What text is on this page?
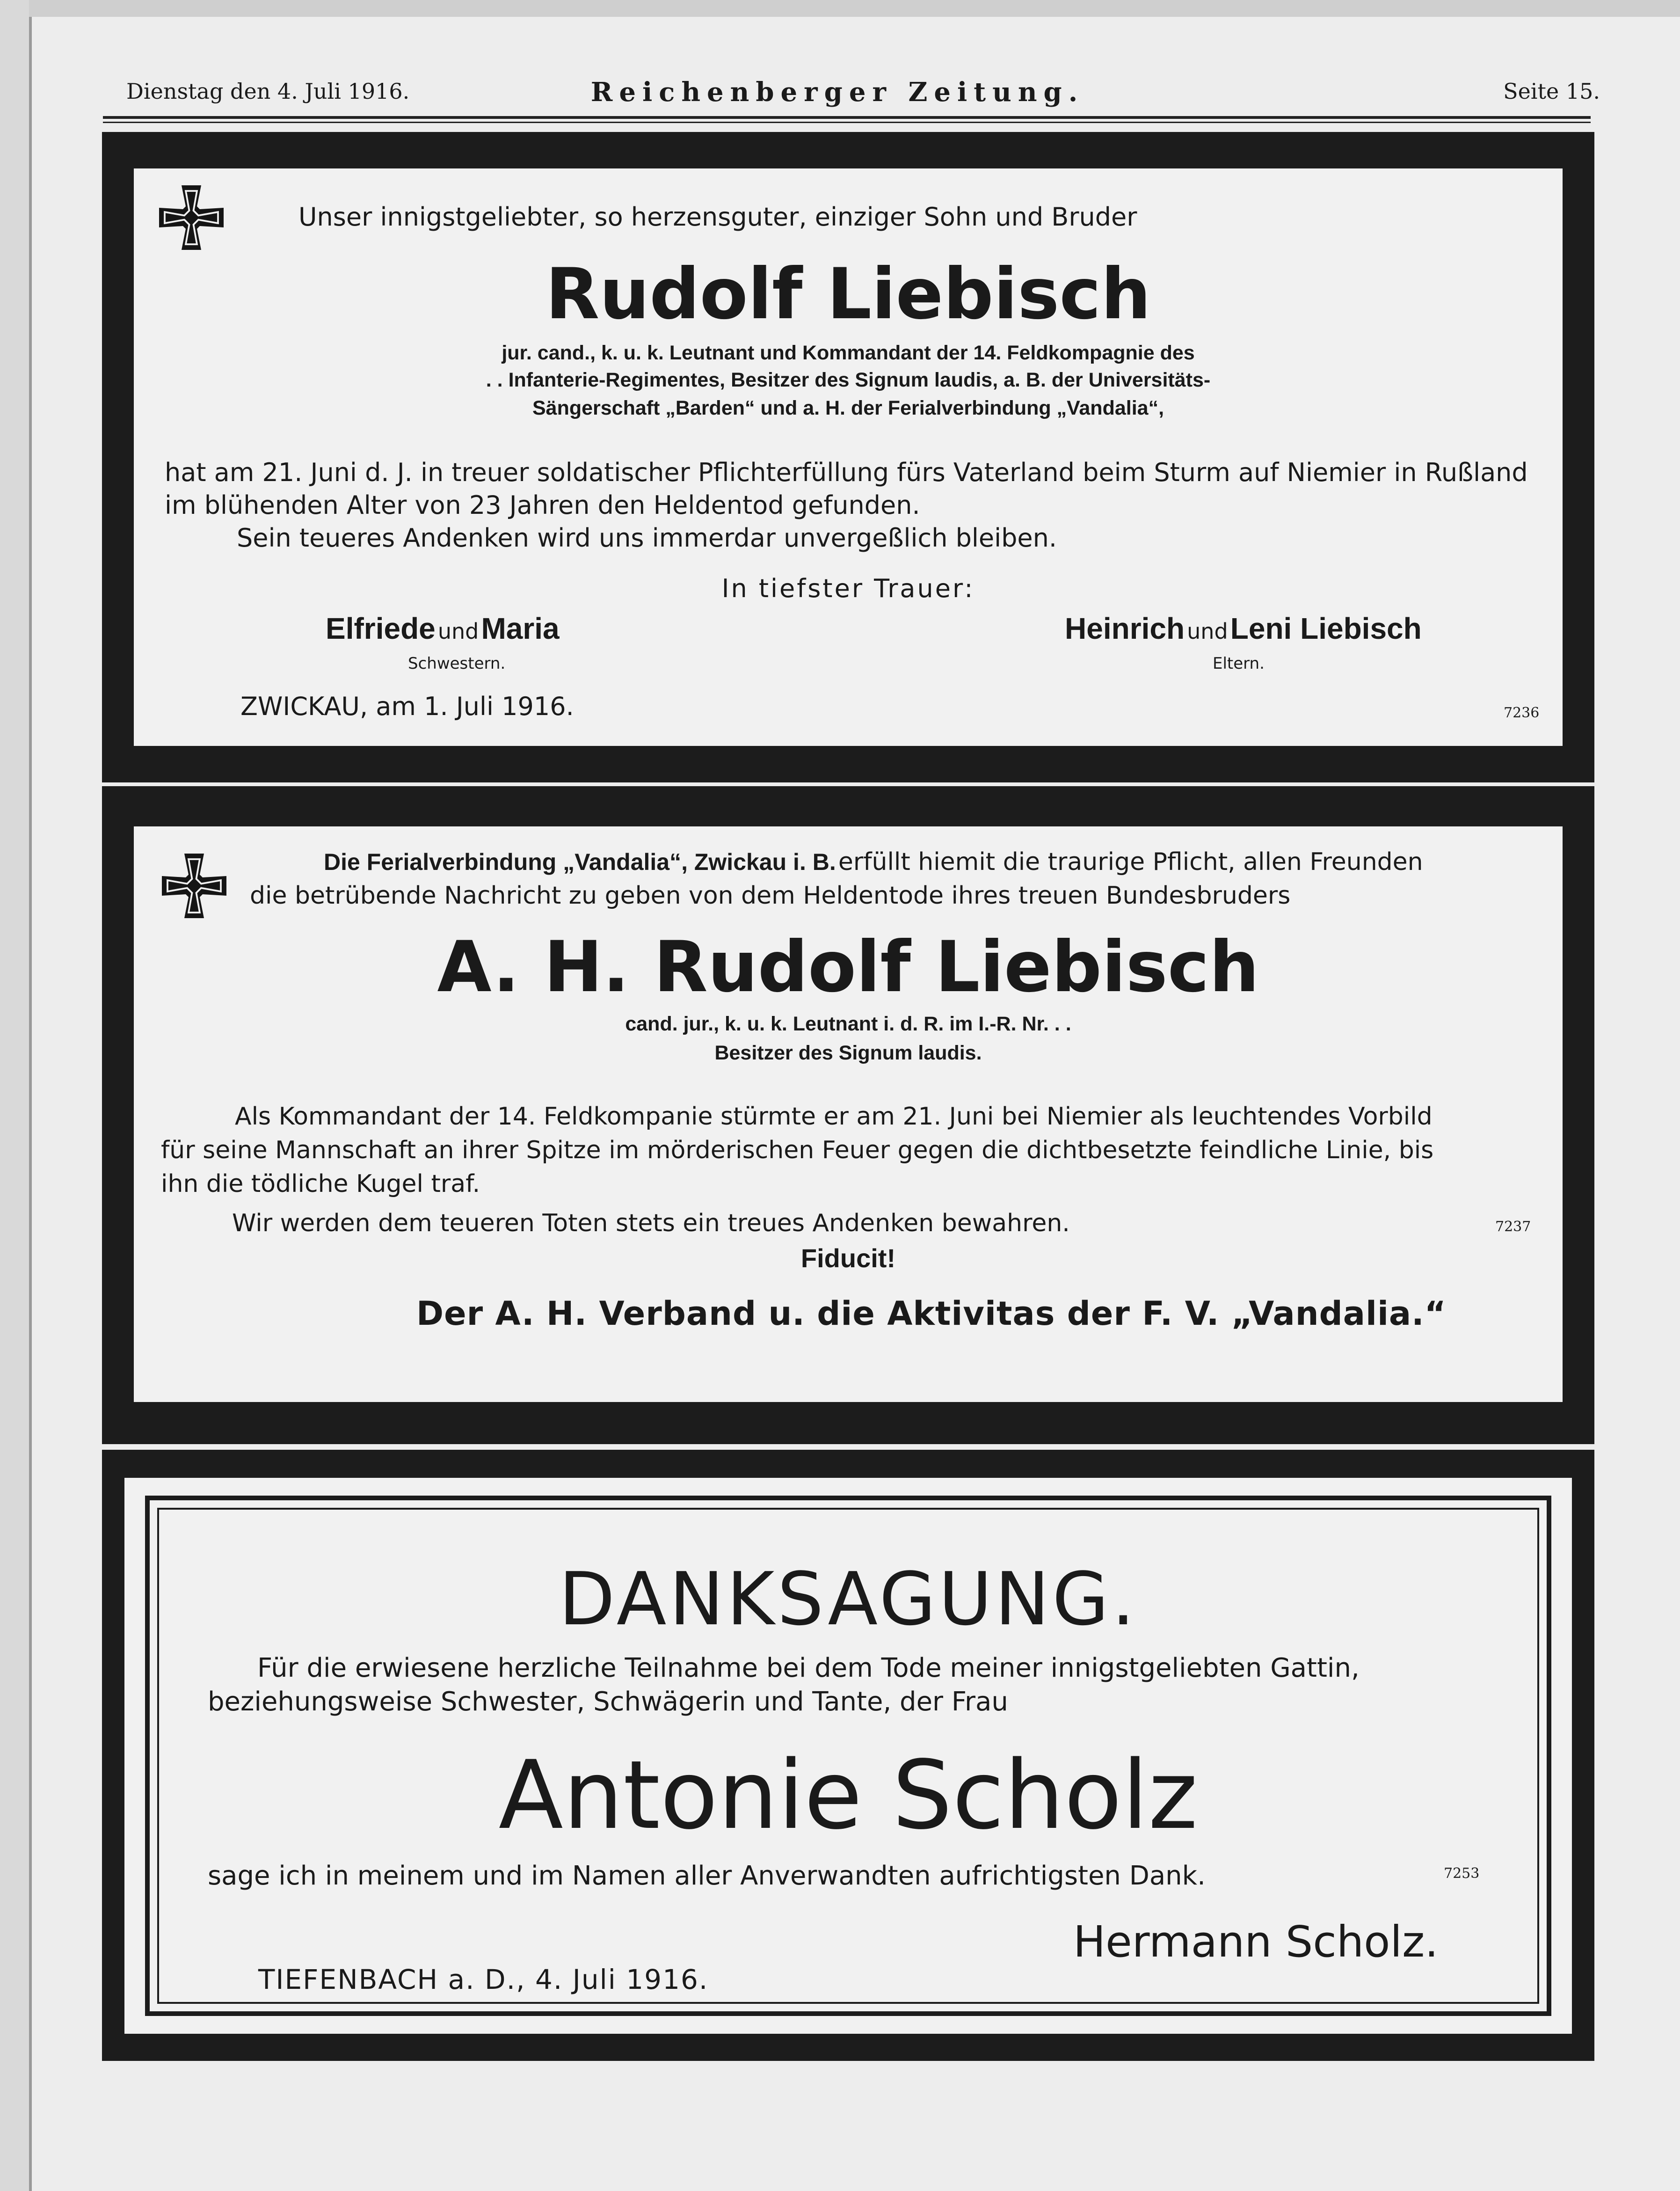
Dienstag den 4. Juli 1916.	Reichenberger Zeitung.	Seite 15.
Unser innigstgeliebter, so herzensguter, einziger Sohn und Bruder
Rudolf Liebisch
jur. cand., k. u. k. Leutnant und Kommandant der 14. Feldkompagnie des
. . Infanterie-Regimentes, Besitzer des Signum laudis, a. B. der Universitäts-
Sängerschaft „Barden“ und a. H. der Ferialverbindung „Vandalia“,
hat am 21. Juni d. J. in treuer soldatischer Pflichterfüllung fürs Vaterland beim Sturm auf Niemier in Rußland
im blühenden Alter von 23 Jahren den Heldentod gefunden.
Sein teueres Andenken wird uns immerdar unvergeßlich bleiben.
In tiefster Trauer:
Elfriede und Maria
Schwestern.
Heinrich und Leni Liebisch
Eltern.
ZWICKAU, am 1. Juli 1916.	7236
Die Ferialverbindung „Vandalia“, Zwickau i. B. erfüllt hiemit die traurige Pflicht, allen Freunden
die betrübende Nachricht zu geben von dem Heldentode ihres treuen Bundesbruders
A. H. Rudolf Liebisch
cand. jur., k. u. k. Leutnant i. d. R. im I.-R. Nr. . .
Besitzer des Signum laudis.
Als Kommandant der 14. Feldkompanie stürmte er am 21. Juni bei Niemier als leuchtendes Vorbild
für seine Mannschaft an ihrer Spitze im mörderischen Feuer gegen die dichtbesetzte feindliche Linie, bis
ihn die tödliche Kugel traf.
Wir werden dem teueren Toten stets ein treues Andenken bewahren.	7237
Fiducit!
Der A. H. Verband u. die Aktivitas der F. V. „Vandalia.“
DANKSAGUNG.
Für die erwiesene herzliche Teilnahme bei dem Tode meiner innigstgeliebten Gattin,
beziehungsweise Schwester, Schwägerin und Tante, der Frau
Antonie Scholz
sage ich in meinem und im Namen aller Anverwandten aufrichtigsten Dank.	7253
Hermann Scholz.
TIEFENBACH a. D., 4. Juli 1916.
